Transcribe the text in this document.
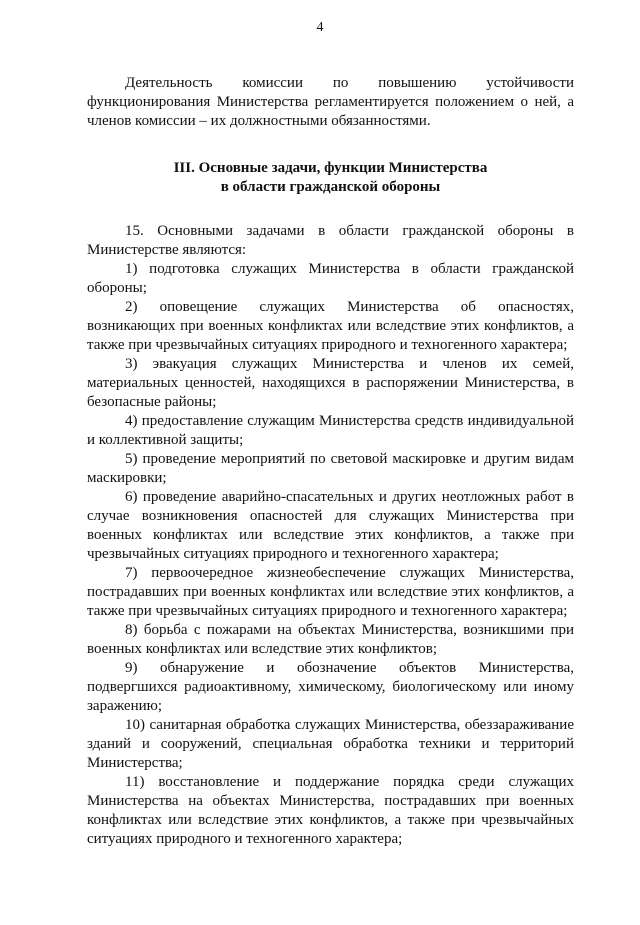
4

Деятельность комиссии по повышению устойчивости функционирования Министерства регламентируется положением о ней, а членов комиссии – их должностными обязанностями.

III. Основные задачи, функции Министерства
в области гражданской обороны

15. Основными задачами в области гражданской обороны в Министерстве являются:

1) подготовка служащих Министерства в области гражданской обороны;

2) оповещение служащих Министерства об опасностях, возникающих при военных конфликтах или вследствие этих конфликтов, а также при чрезвычайных ситуациях природного и техногенного характера;

3) эвакуация служащих Министерства и членов их семей, материальных ценностей, находящихся в распоряжении Министерства, в безопасные районы;

4) предоставление служащим Министерства средств индивидуальной и коллективной защиты;

5) проведение мероприятий по световой маскировке и другим видам маскировки;

6) проведение аварийно-спасательных и других неотложных работ в случае возникновения опасностей для служащих Министерства при военных конфликтах или вследствие этих конфликтов, а также при чрезвычайных ситуациях природного и техногенного характера;

7) первоочередное жизнеобеспечение служащих Министерства, пострадавших при военных конфликтах или вследствие этих конфликтов, а также при чрезвычайных ситуациях природного и техногенного характера;

8) борьба с пожарами на объектах Министерства, возникшими при военных конфликтах или вследствие этих конфликтов;

9) обнаружение и обозначение объектов Министерства, подвергшихся радиоактивному, химическому, биологическому или иному заражению;

10) санитарная обработка служащих Министерства, обеззараживание зданий и сооружений, специальная обработка техники и территорий Министерства;

11) восстановление и поддержание порядка среди служащих Министерства на объектах Министерства, пострадавших при военных конфликтах или вследствие этих конфликтов, а также при чрезвычайных ситуациях природного и техногенного характера;
